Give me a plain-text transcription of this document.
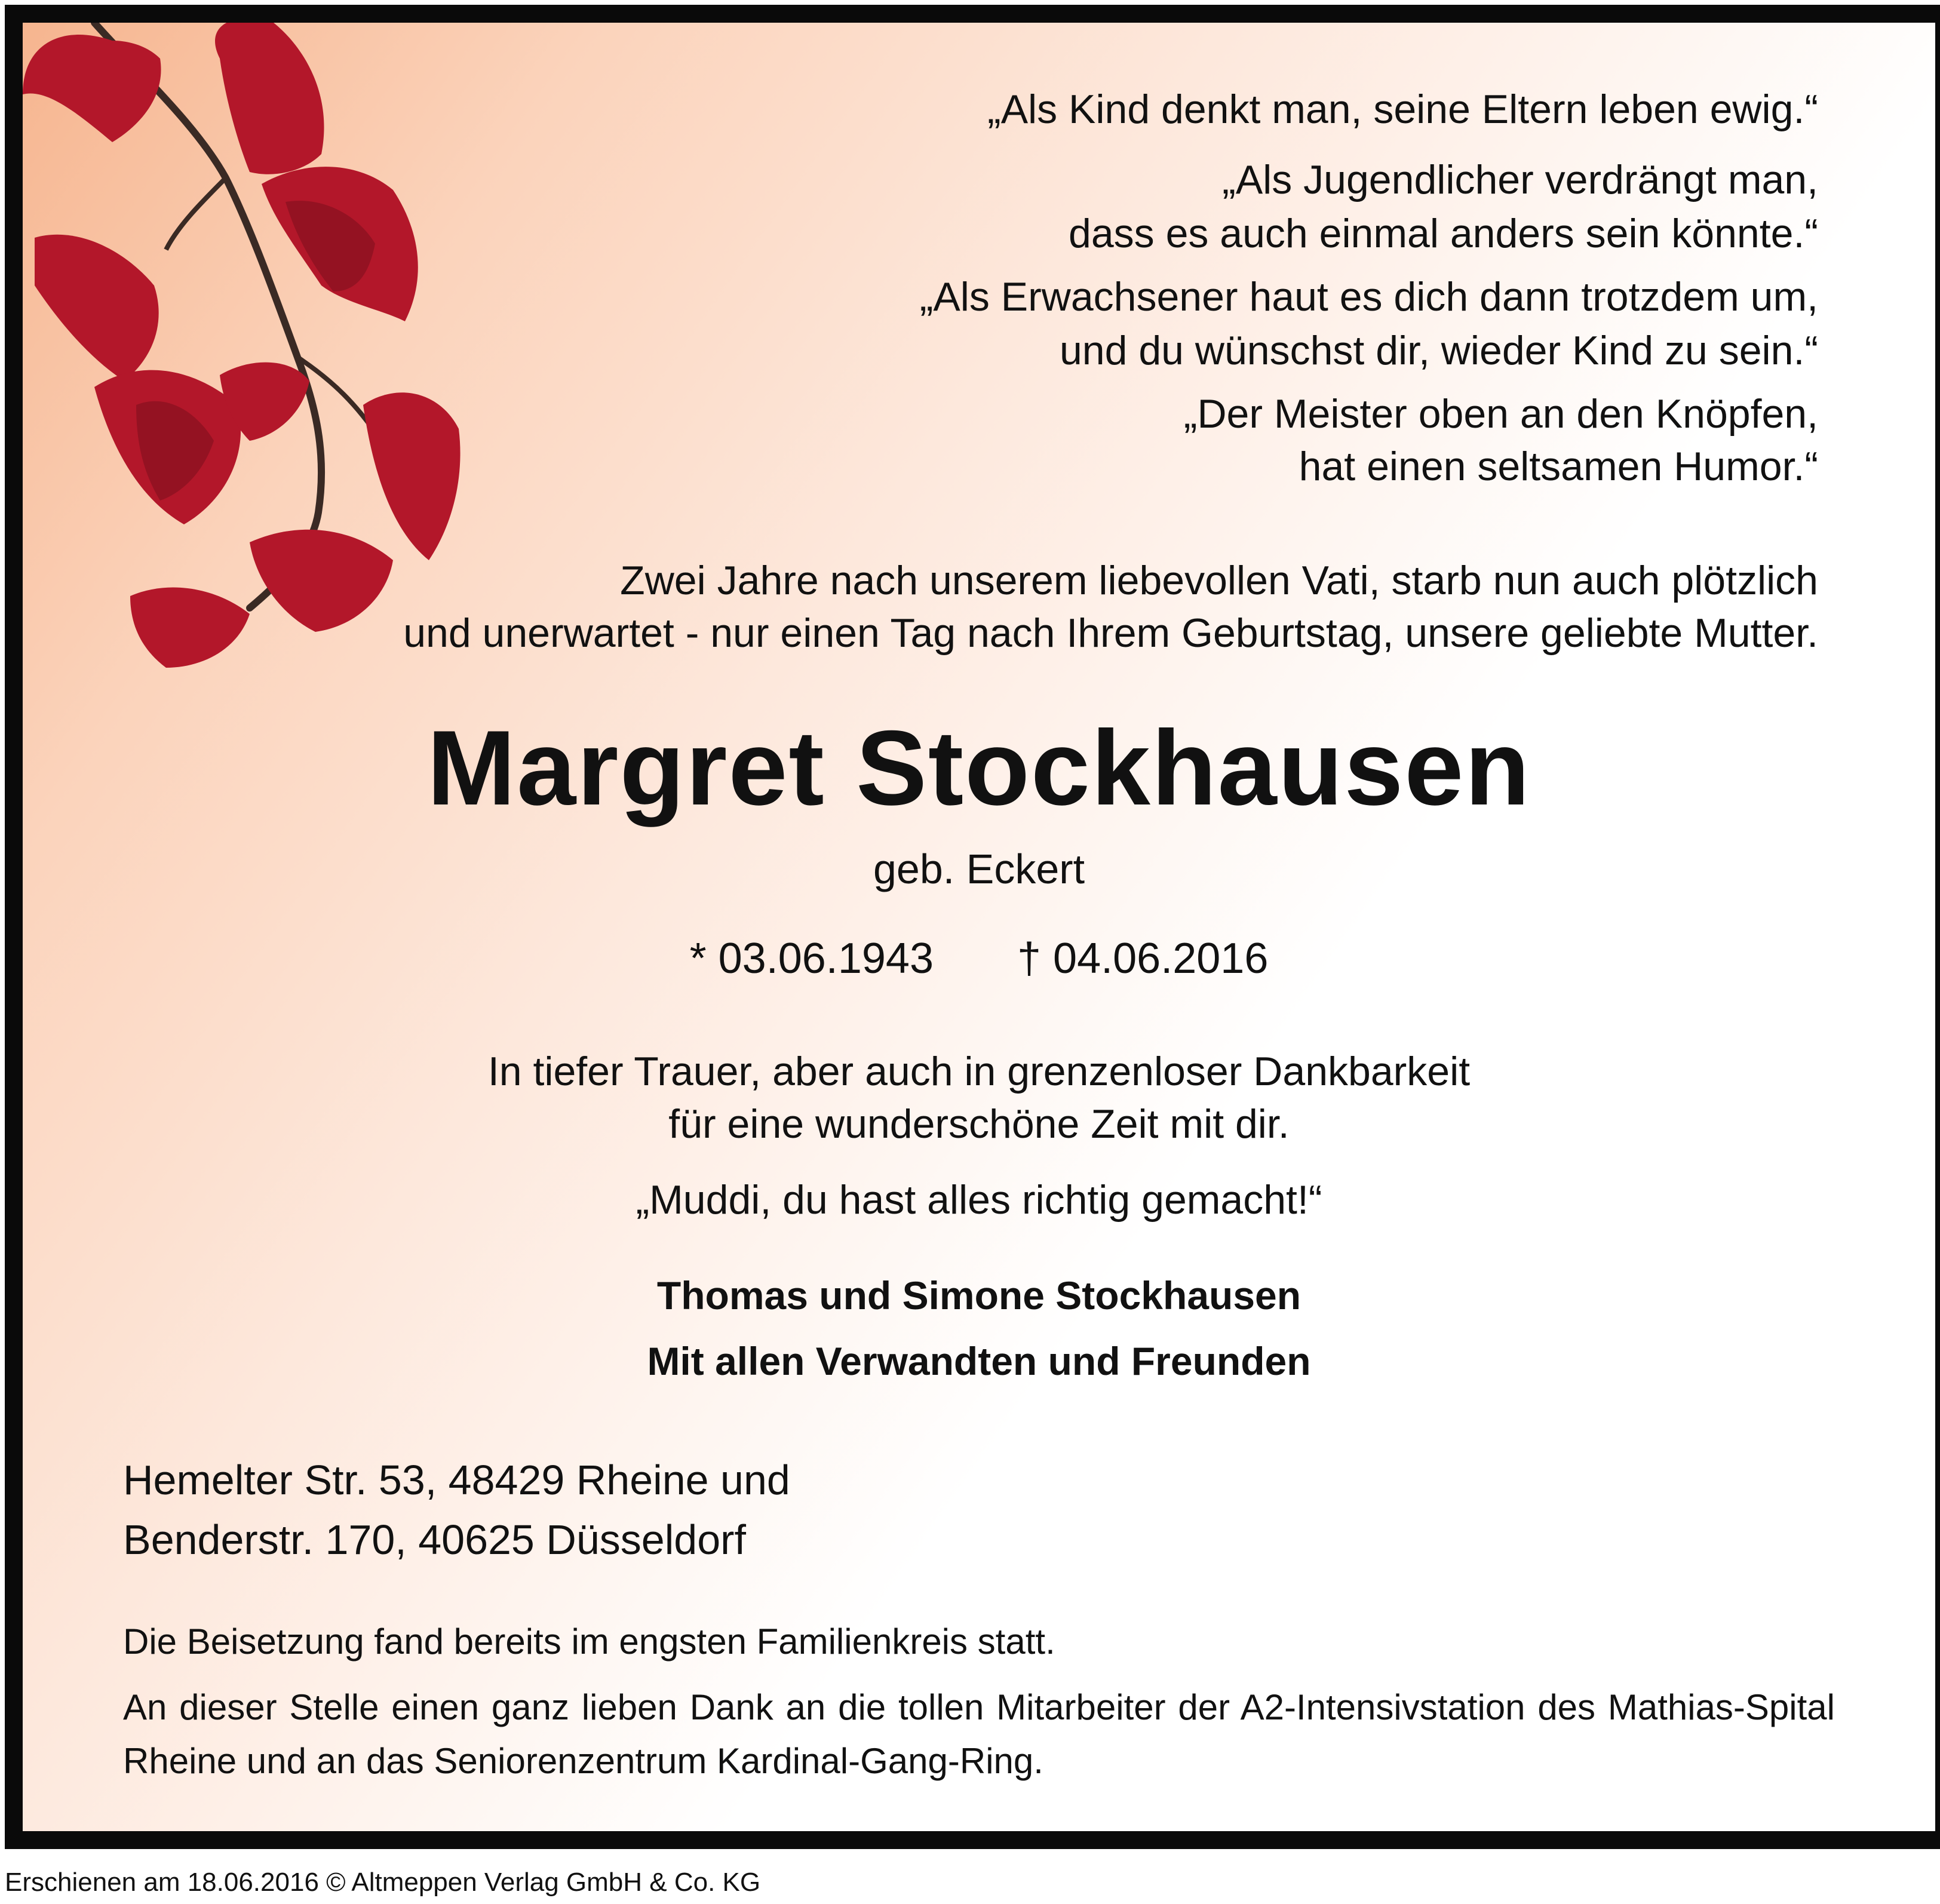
„Als Kind denkt man, seine Eltern leben ewig.“

„Als Jugendlicher verdrängt man,

dass es auch einmal anders sein könnte.“

„Als Erwachsener haut es dich dann trotzdem um,

und du wünschst dir, wieder Kind zu sein.“

„Der Meister oben an den Knöpfen,

hat einen seltsamen Humor.“

Zwei Jahre nach unserem liebevollen Vati, starb nun auch plötzlich

und unerwartet - nur einen Tag nach Ihrem Geburtstag, unsere geliebte Mutter.

Margret Stockhausen

geb. Eckert

* 03.06.1943 † 04.06.2016

In tiefer Trauer, aber auch in grenzenloser Dankbarkeit

für eine wunderschöne Zeit mit dir.

„Muddi, du hast alles richtig gemacht!“

Thomas und Simone Stockhausen

Mit allen Verwandten und Freunden

Hemelter Str. 53, 48429 Rheine und

Benderstr. 170, 40625 Düsseldorf

Die Beisetzung fand bereits im engsten Familienkreis statt.

An dieser Stelle einen ganz lieben Dank an die tollen Mitarbeiter der A2-Intensivstation des Mathias-Spital Rheine und an das Seniorenzentrum Kardinal-Gang-Ring.

Erschienen am 18.06.2016 © Altmeppen Verlag GmbH & Co. KG
